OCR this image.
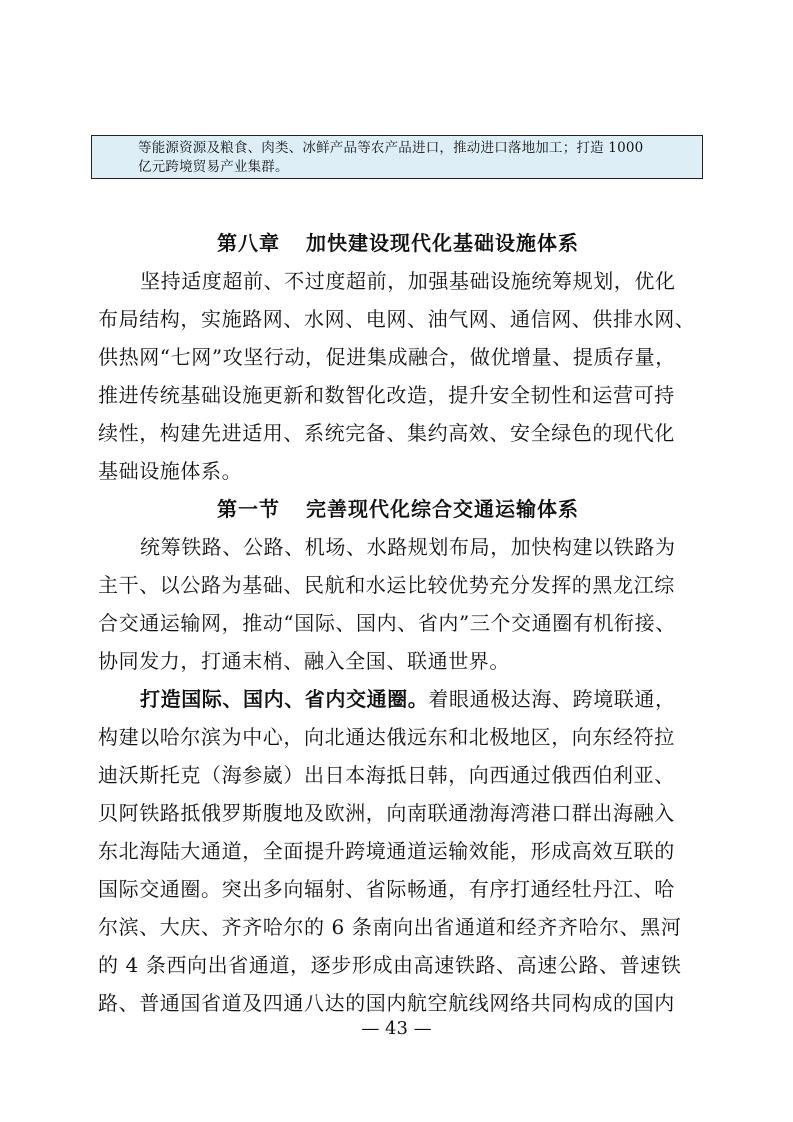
等能源资源及粮食、肉类、冰鲜产品等农产品进口，推动进口落地加工；打造 1000

亿元跨境贸易产业集群。

第八章 加快建设现代化基础设施体系
坚持适度超前、不过度超前，加强基础设施统筹规划，优化
布局结构，实施路网、水网、电网、油气网、通信网、供排水网、
供热网“七网”攻坚行动，促进集成融合，做优增量、提质存量，
推进传统基础设施更新和数智化改造，提升安全韧性和运营可持
续性，构建先进适用、系统完备、集约高效、安全绿色的现代化
基础设施体系。
第一节 完善现代化综合交通运输体系
统筹铁路、公路、机场、水路规划布局，加快构建以铁路为
主干、以公路为基础、民航和水运比较优势充分发挥的黑龙江综
合交通运输网，推动“国际、国内、省内”三个交通圈有机衔接、
协同发力，打通末梢、融入全国、联通世界。
打造国际、国内、省内交通圈。着眼通极达海、跨境联通，
构建以哈尔滨为中心，向北通达俄远东和北极地区，向东经符拉
迪沃斯托克（海参崴）出日本海抵日韩，向西通过俄西伯利亚、
贝阿铁路抵俄罗斯腹地及欧洲，向南联通渤海湾港口群出海融入
东北海陆大通道，全面提升跨境通道运输效能，形成高效互联的
国际交通圈。突出多向辐射、省际畅通，有序打通经牡丹江、哈
尔滨、大庆、齐齐哈尔的 6 条南向出省通道和经齐齐哈尔、黑河
的 4 条西向出省通道，逐步形成由高速铁路、高速公路、普速铁
路、普通国省道及四通八达的国内航空航线网络共同构成的国内
— 43 —
